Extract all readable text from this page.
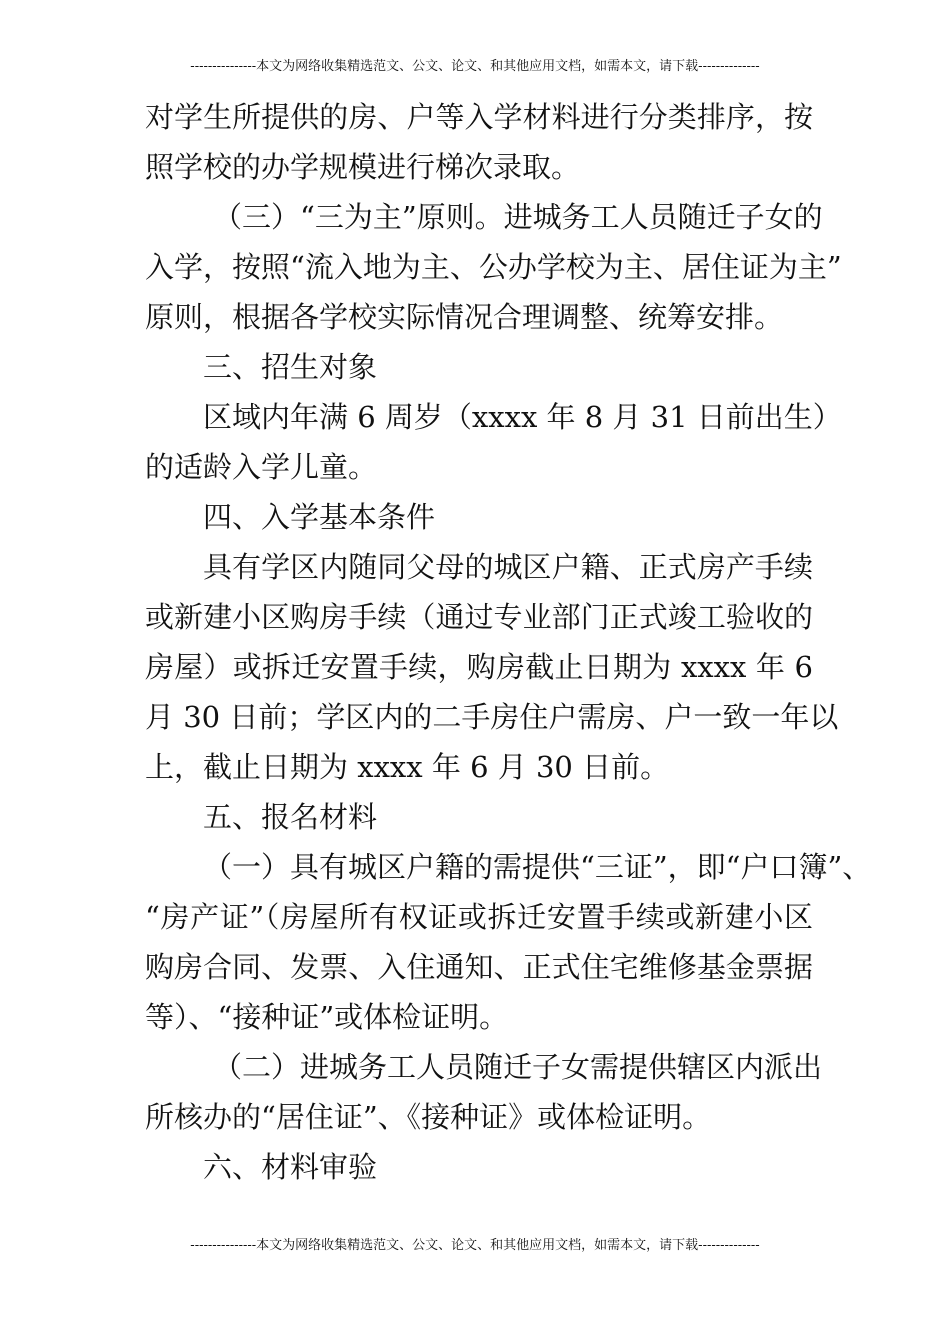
---------------本文为网络收集精选范文、公文、论文、和其他应用文档，如需本文，请下载--------------
对学生所提供的房、户等入学材料进行分类排序，按
照学校的办学规模进行梯次录取。
（三）“三为主”原则。进城务工人员随迁子女的
入学，按照“流入地为主、公办学校为主、居住证为主”
原则，根据各学校实际情况合理调整、统筹安排。
三、招生对象
区域内年满 6 周岁（xxxx 年 8 月 31 日前出生）
的适龄入学儿童。
四、入学基本条件
具有学区内随同父母的城区户籍、正式房产手续
或新建小区购房手续（通过专业部门正式竣工验收的
房屋）或拆迁安置手续，购房截止日期为 xxxx 年 6
月 30 日前；学区内的二手房住户需房、户一致一年以
上，截止日期为 xxxx 年 6 月 30 日前。
五、报名材料
（一）具有城区户籍的需提供“三证”，即“户口簿”、
“房产证”（房屋所有权证或拆迁安置手续或新建小区
购房合同、发票、入住通知、正式住宅维修基金票据
等）、“接种证”或体检证明。
（二）进城务工人员随迁子女需提供辖区内派出
所核办的“居住证”、《接种证》或体检证明。
六、材料审验
---------------本文为网络收集精选范文、公文、论文、和其他应用文档，如需本文，请下载--------------
